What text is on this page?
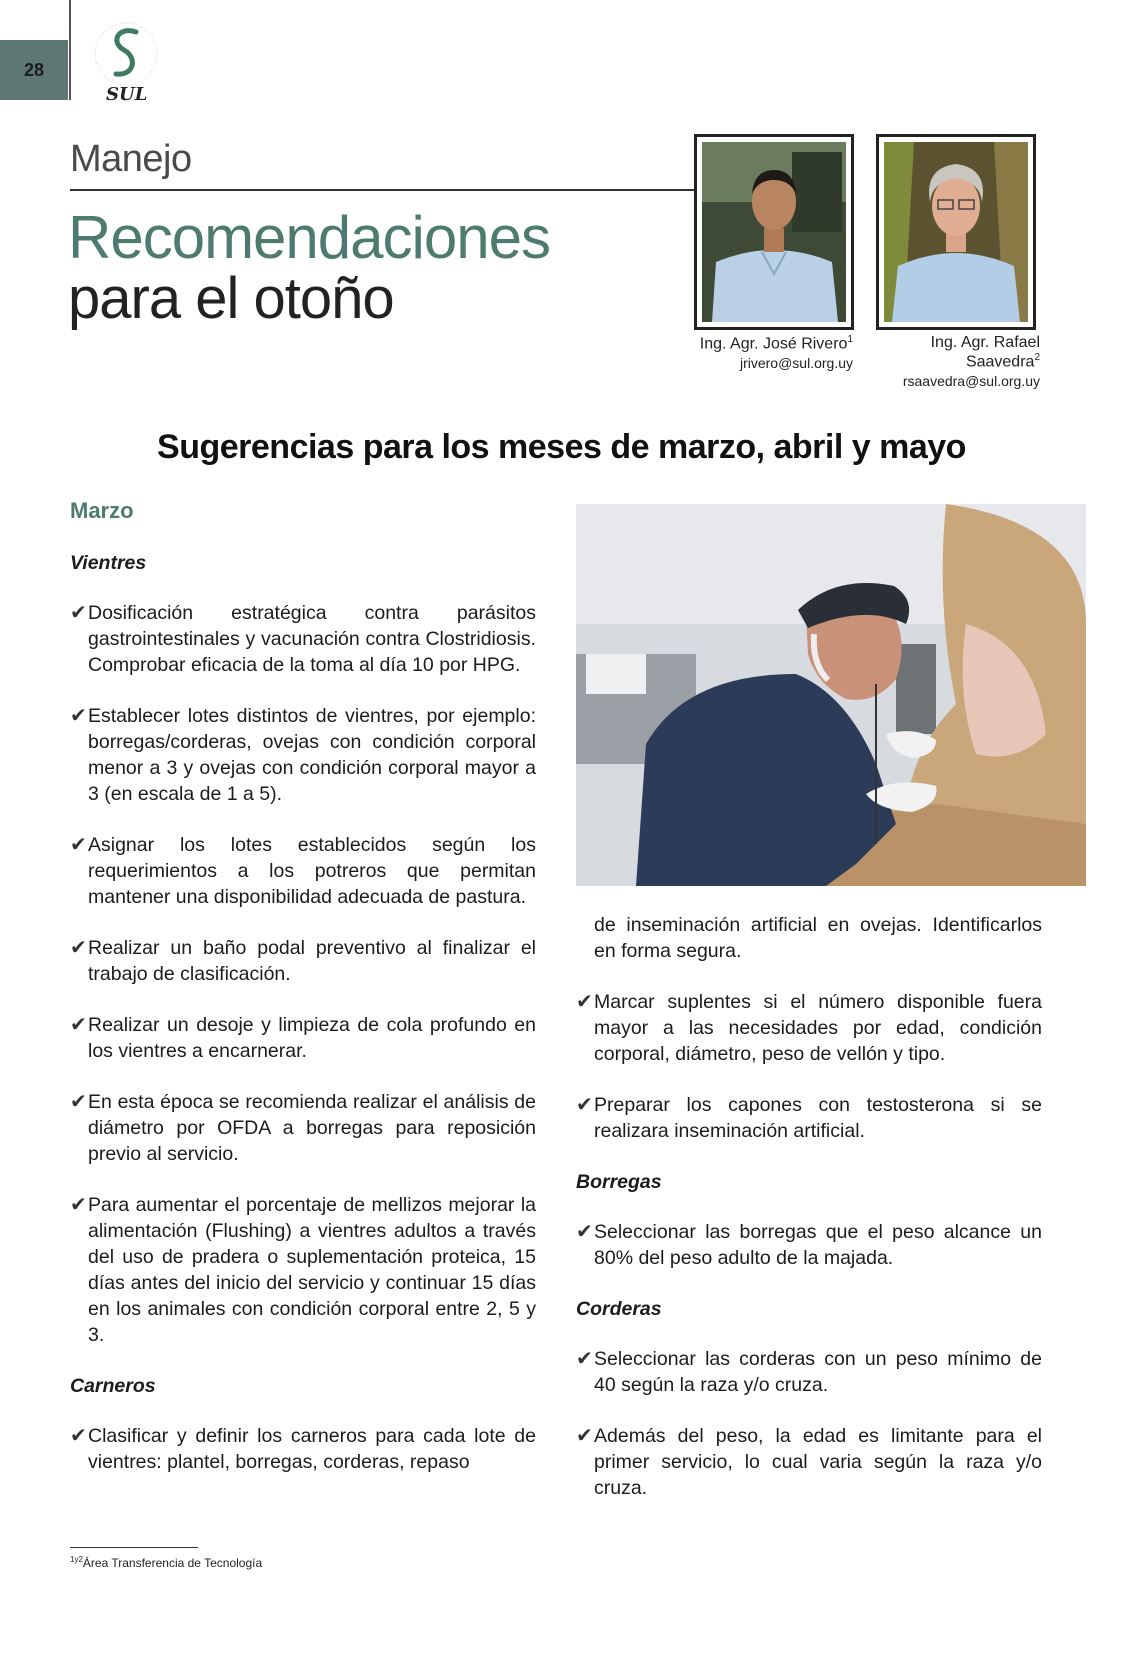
28
SUL
Manejo
Recomendaciones
para el otoño
Ing. Agr. José Rivero$^1$
jrivero@sul.org.uy
Ing. Agr. Rafael Saavedra$^2$
rsaavedra@sul.org.uy
Sugerencias para los meses de marzo, abril y mayo
Marzo
Vientres
✔ Dosificación estratégica contra parásitos gastrointestinales y vacunación contra Clostridiosis. Comprobar eficacia de la toma al día 10 por HPG.
✔ Establecer lotes distintos de vientres, por ejemplo: borregas/corderas, ovejas con condición corporal menor a 3 y ovejas con condición corporal mayor a 3 (en escala de 1 a 5).
✔ Asignar los lotes establecidos según los requerimientos a los potreros que permitan mantener una disponibilidad adecuada de pastura.
✔ Realizar un baño podal preventivo al finalizar el trabajo de clasificación.
✔ Realizar un desoje y limpieza de cola profundo en los vientres a encarnerar.
✔ En esta época se recomienda realizar el análisis de diámetro por OFDA a borregas para reposición previo al servicio.
✔ Para aumentar el porcentaje de mellizos mejorar la alimentación (Flushing) a vientres adultos a través del uso de pradera o suplementación proteica, 15 días antes del inicio del servicio y continuar 15 días en los animales con condición corporal entre 2, 5 y 3.
Carneros
✔ Clasificar y definir los carneros para cada lote de vientres: plantel, borregas, corderas, repaso
de inseminación artificial en ovejas. Identificarlos en forma segura.
✔ Marcar suplentes si el número disponible fuera mayor a las necesidades por edad, condición corporal, diámetro, peso de vellón y tipo.
✔ Preparar los capones con testosterona si se realizara inseminación artificial.
Borregas
✔ Seleccionar las borregas que el peso alcance un 80% del peso adulto de la majada.
Corderas
✔ Seleccionar las corderas con un peso mínimo de 40 según la raza y/o cruza.
✔ Además del peso, la edad es limitante para el primer servicio, lo cual varia según la raza y/o cruza.
$^{1y2}$Área Transferencia de Tecnología
